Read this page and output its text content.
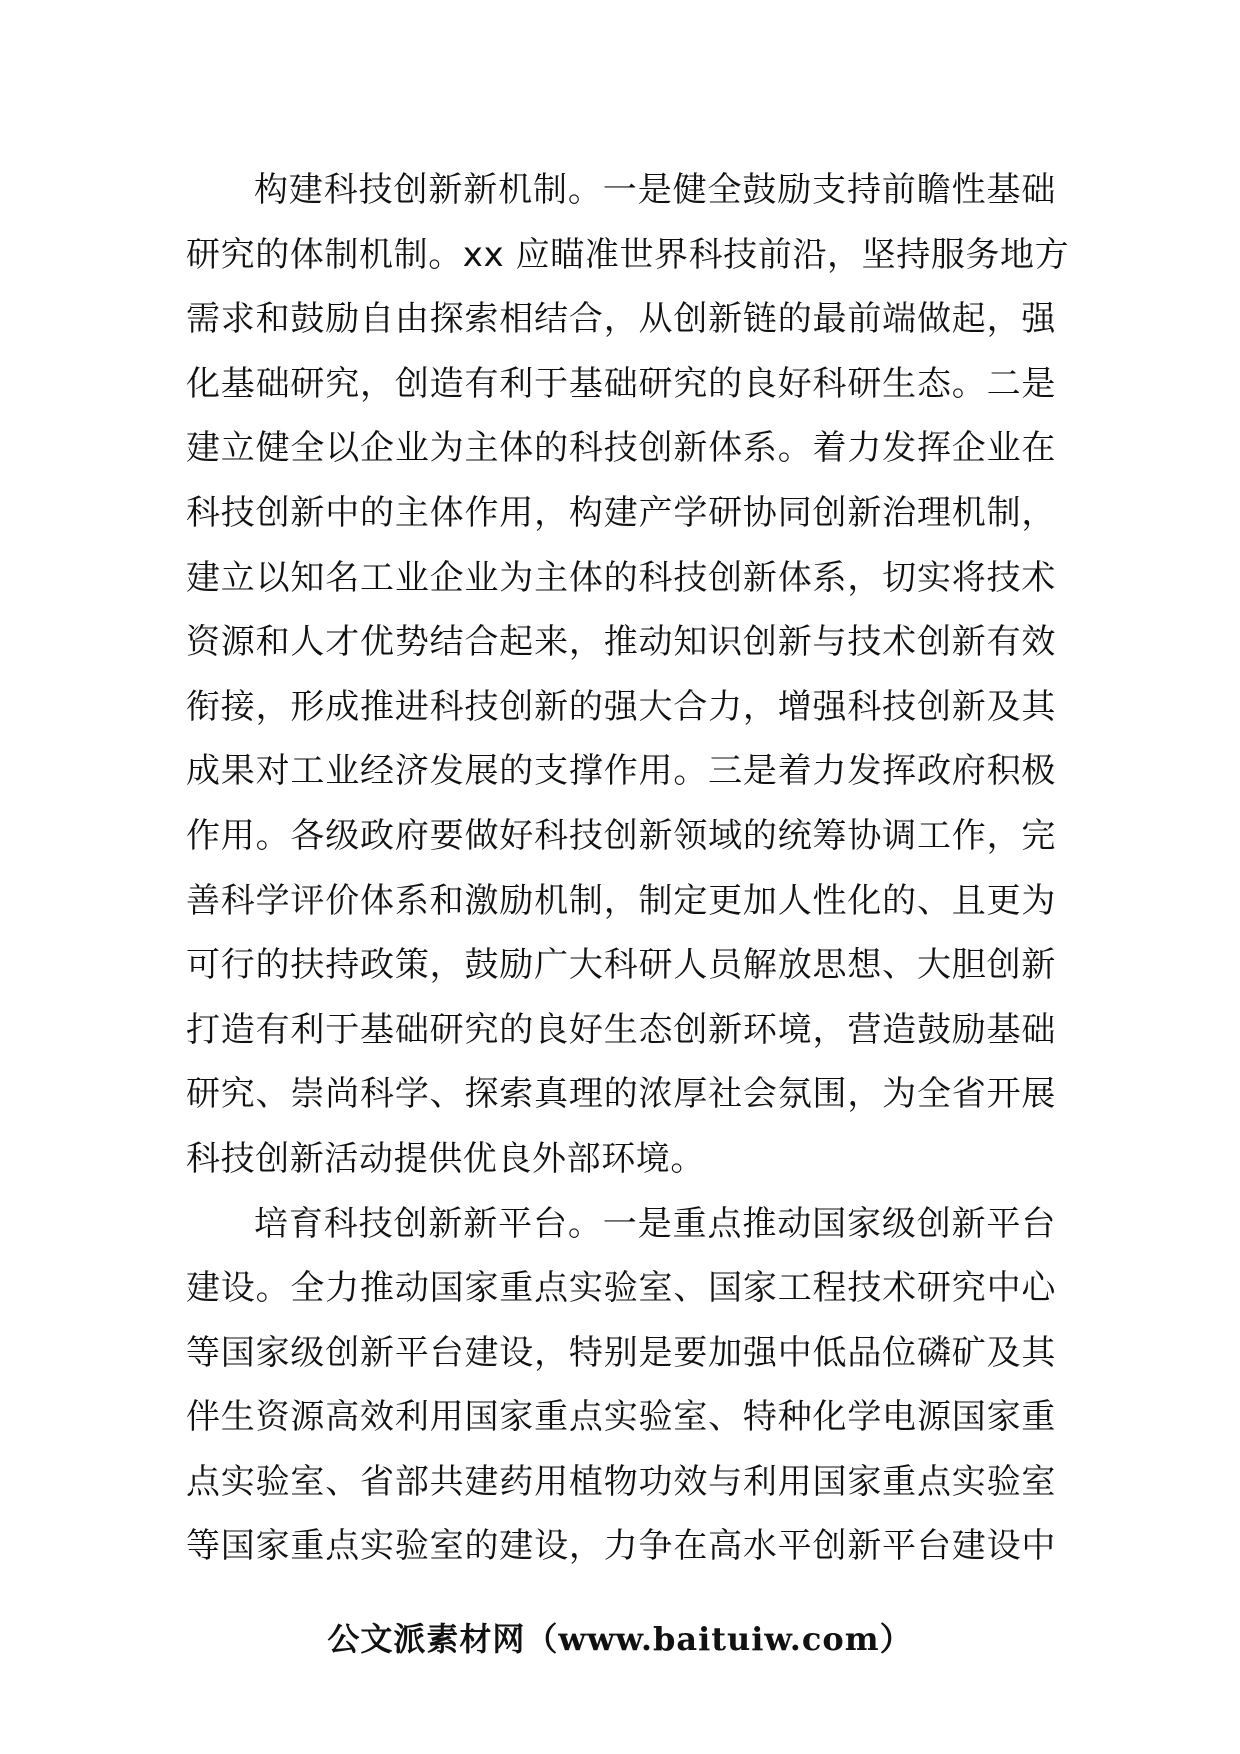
构建科技创新新机制。一是健全鼓励支持前瞻性基础
研究的体制机制。xx 应瞄准世界科技前沿，坚持服务地方
需求和鼓励自由探索相结合，从创新链的最前端做起，强
化基础研究，创造有利于基础研究的良好科研生态。二是
建立健全以企业为主体的科技创新体系。着力发挥企业在
科技创新中的主体作用，构建产学研协同创新治理机制，
建立以知名工业企业为主体的科技创新体系，切实将技术
资源和人才优势结合起来，推动知识创新与技术创新有效
衔接，形成推进科技创新的强大合力，增强科技创新及其
成果对工业经济发展的支撑作用。三是着力发挥政府积极
作用。各级政府要做好科技创新领域的统筹协调工作，完
善科学评价体系和激励机制，制定更加人性化的、且更为
可行的扶持政策，鼓励广大科研人员解放思想、大胆创新
打造有利于基础研究的良好生态创新环境，营造鼓励基础
研究、崇尚科学、探索真理的浓厚社会氛围，为全省开展
科技创新活动提供优良外部环境。
培育科技创新新平台。一是重点推动国家级创新平台
建设。全力推动国家重点实验室、国家工程技术研究中心
等国家级创新平台建设，特别是要加强中低品位磷矿及其
伴生资源高效利用国家重点实验室、特种化学电源国家重
点实验室、省部共建药用植物功效与利用国家重点实验室
等国家重点实验室的建设，力争在高水平创新平台建设中
公文派素材网（www.baituiw.com）
